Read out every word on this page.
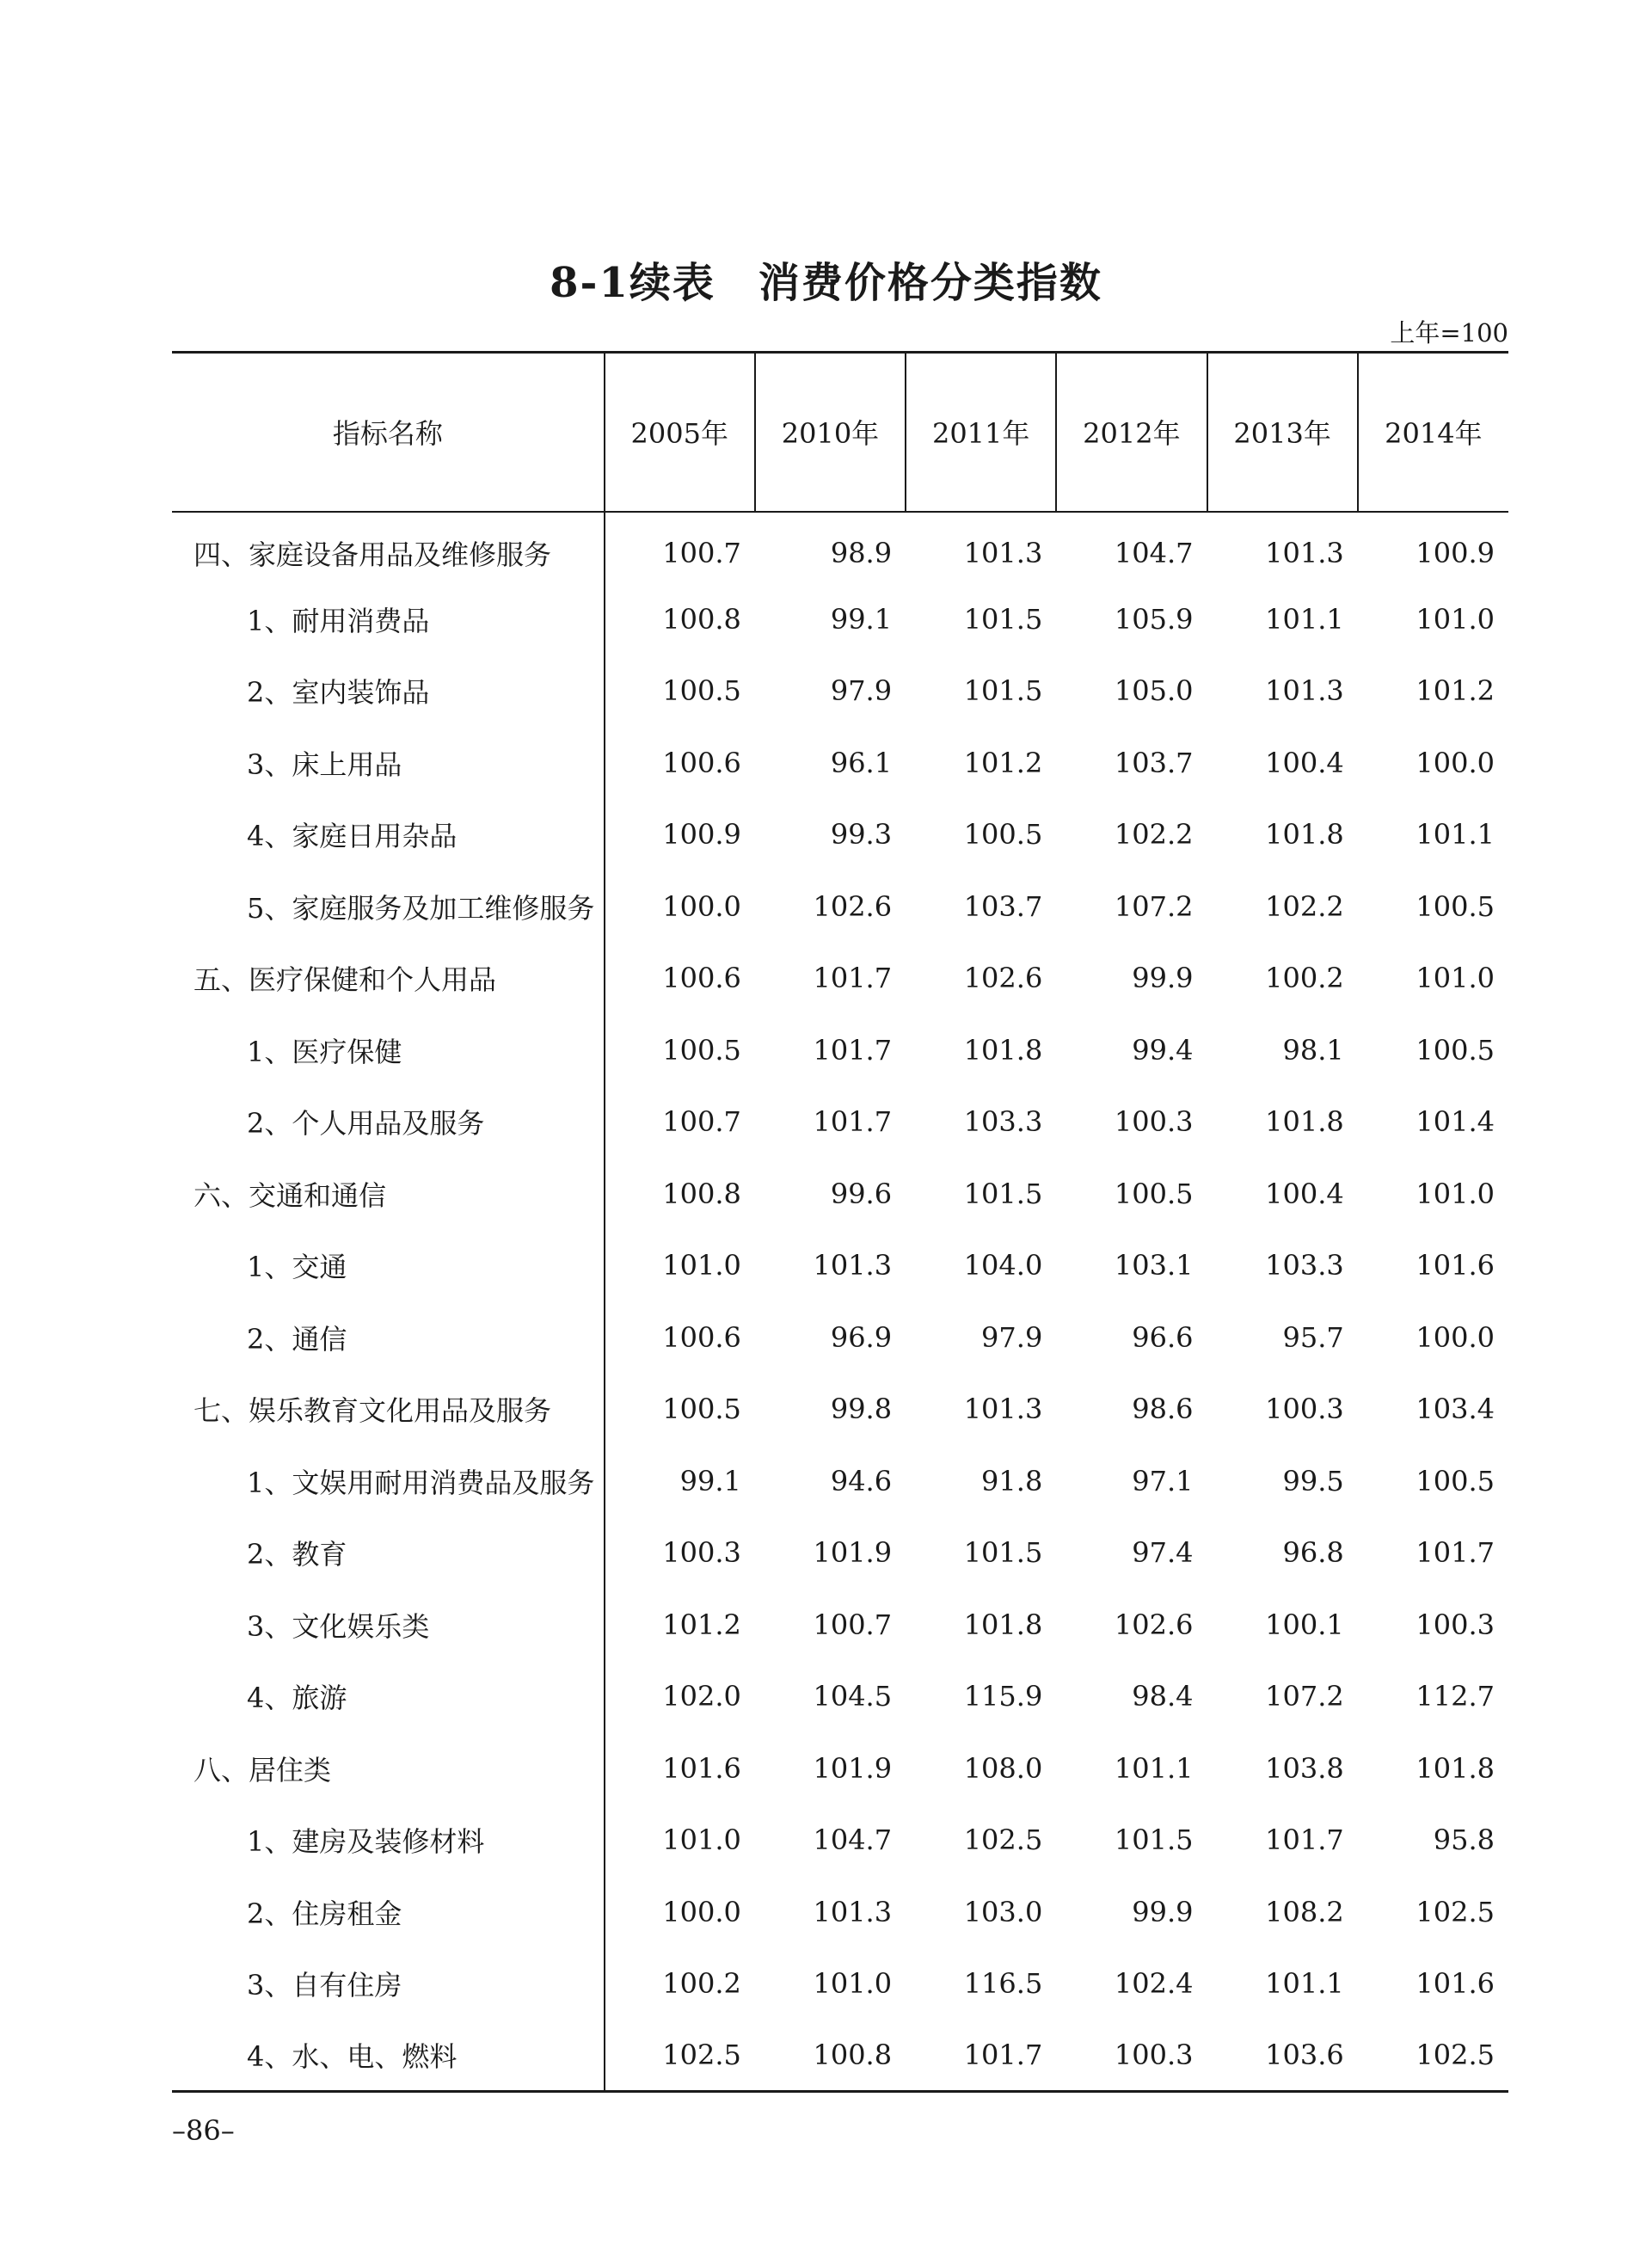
8-1续表　消费价格分类指数
上年=100
指标名称	2005年	2010年	2011年	2012年	2013年	2014年
四、家庭设备用品及维修服务	100.7	98.9	101.3	104.7	101.3	100.9
1、耐用消费品	100.8	99.1	101.5	105.9	101.1	101.0
2、室内装饰品	100.5	97.9	101.5	105.0	101.3	101.2
3、床上用品	100.6	96.1	101.2	103.7	100.4	100.0
4、家庭日用杂品	100.9	99.3	100.5	102.2	101.8	101.1
5、家庭服务及加工维修服务	100.0	102.6	103.7	107.2	102.2	100.5
五、医疗保健和个人用品	100.6	101.7	102.6	99.9	100.2	101.0
1、医疗保健	100.5	101.7	101.8	99.4	98.1	100.5
2、个人用品及服务	100.7	101.7	103.3	100.3	101.8	101.4
六、交通和通信	100.8	99.6	101.5	100.5	100.4	101.0
1、交通	101.0	101.3	104.0	103.1	103.3	101.6
2、通信	100.6	96.9	97.9	96.6	95.7	100.0
七、娱乐教育文化用品及服务	100.5	99.8	101.3	98.6	100.3	103.4
1、文娱用耐用消费品及服务	99.1	94.6	91.8	97.1	99.5	100.5
2、教育	100.3	101.9	101.5	97.4	96.8	101.7
3、文化娱乐类	101.2	100.7	101.8	102.6	100.1	100.3
4、旅游	102.0	104.5	115.9	98.4	107.2	112.7
八、居住类	101.6	101.9	108.0	101.1	103.8	101.8
1、建房及装修材料	101.0	104.7	102.5	101.5	101.7	95.8
2、住房租金	100.0	101.3	103.0	99.9	108.2	102.5
3、自有住房	100.2	101.0	116.5	102.4	101.1	101.6
4、水、电、燃料	102.5	100.8	101.7	100.3	103.6	102.5
–86–
